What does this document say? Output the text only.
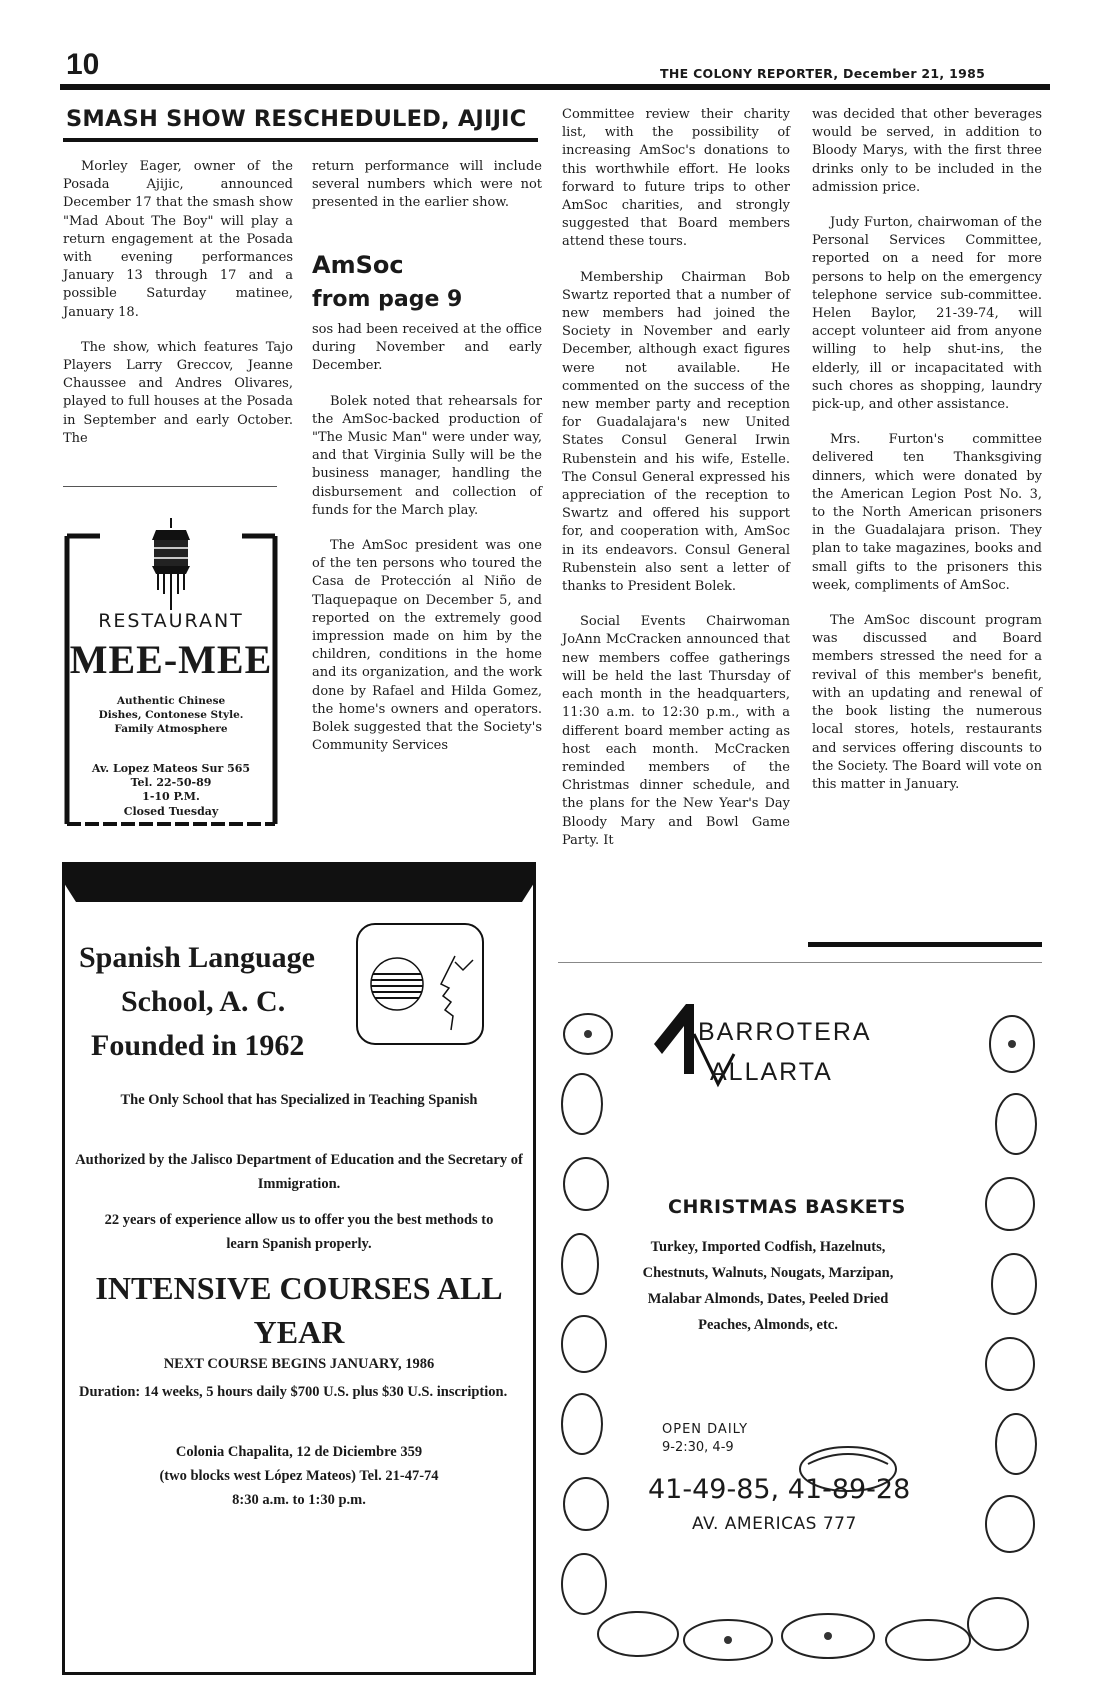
10	THE COLONY REPORTER, December 21, 1985
SMASH SHOW RESCHEDULED, AJIJIC

Morley Eager, owner of the Posada Ajijic, announced December 17 that the smash show "Mad About The Boy" will play a return engagement at the Posada with evening performances January 13 through 17 and a possible Saturday matinee, January 18.

The show, which features Tajo Players Larry Greccov, Jeanne Chaussee and Andres Olivares, played to full houses at the Posada in September and early October. The

return performance will include several numbers which were not presented in the earlier show.

AmSoc
from page 9

sos had been received at the office during November and early December.

Bolek noted that rehearsals for the AmSoc-backed production of "The Music Man" were under way, and that Virginia Sully will be the business manager, handling the disbursement and collection of funds for the March play.

The AmSoc president was one of the ten persons who toured the Casa de Protección al Niño de Tlaquepaque on December 5, and reported on the extremely good impression made on him by the children, conditions in the home and its organization, and the work done by Rafael and Hilda Gomez, the home's owners and operators. Bolek suggested that the Society's Community Services

Committee review their charity list, with the possibility of increasing AmSoc's donations to this worthwhile effort. He looks forward to future trips to other AmSoc charities, and strongly suggested that Board members attend these tours.

Membership Chairman Bob Swartz reported that a number of new members had joined the Society in November and early December, although exact figures were not available. He commented on the success of the new member party and reception for Guadalajara's new United States Consul General Irwin Rubenstein and his wife, Estelle. The Consul General expressed his appreciation of the reception to Swartz and offered his support for, and cooperation with, AmSoc in its endeavors. Consul General Rubenstein also sent a letter of thanks to President Bolek.

Social Events Chairwoman JoAnn McCracken announced that new members coffee gatherings will be held the last Thursday of each month in the headquarters, 11:30 a.m. to 12:30 p.m., with a different board member acting as host each month. McCracken reminded members of the Christmas dinner schedule, and the plans for the New Year's Day Bloody Mary and Bowl Game Party. It

was decided that other beverages would be served, in addition to Bloody Marys, with the first three drinks only to be included in the admission price.

Judy Furton, chairwoman of the Personal Services Committee, reported on a need for more persons to help on the emergency telephone service sub-committee. Helen Baylor, 21-39-74, will accept volunteer aid from anyone willing to help shut-ins, the elderly, ill or incapacitated with such chores as shopping, laundry pick-up, and other assistance.

Mrs. Furton's committee delivered ten Thanksgiving dinners, which were donated by the American Legion Post No. 3, to the North American prisoners in the Guadalajara prison. They plan to take magazines, books and small gifts to the prisoners this week, compliments of AmSoc.

The AmSoc discount program was discussed and Board members stressed the need for a revival of this member's benefit, with an updating and renewal of the book listing the numerous local stores, hotels, restaurants and services offering discounts to the Society. The Board will vote on this matter in January.

RESTAURANT
MEE-MEE
Authentic Chinese Dishes, Contonese Style. Family Atmosphere
Av. Lopez Mateos Sur 565
Tel. 22-50-89
1-10 P.M.
Closed Tuesday
Spanish Language
School, A. C.
Founded in 1962
The Only School that has Specialized in Teaching Spanish
Authorized by the Jalisco Department of Education and the Secretary of Immigration.
22 years of experience allow us to offer you the best methods to learn Spanish properly.
INTENSIVE COURSES ALL YEAR
NEXT COURSE BEGINS JANUARY, 1986
Duration: 14 weeks, 5 hours daily $700 U.S. plus $30 U.S. inscription.
Colonia Chapalita, 12 de Diciembre 359
(two blocks west López Mateos) Tel. 21-47-74
8:30 a.m. to 1:30 p.m.
BARROTERA
ALLARTA
CHRISTMAS BASKETS
Turkey, Imported Codfish, Hazelnuts, Chestnuts, Walnuts, Nougats, Marzipan, Malabar Almonds, Dates, Peeled Dried Peaches, Almonds, etc.
OPEN DAILY
9-2:30, 4-9
41-49-85, 41-89-28
AV. AMERICAS 777
